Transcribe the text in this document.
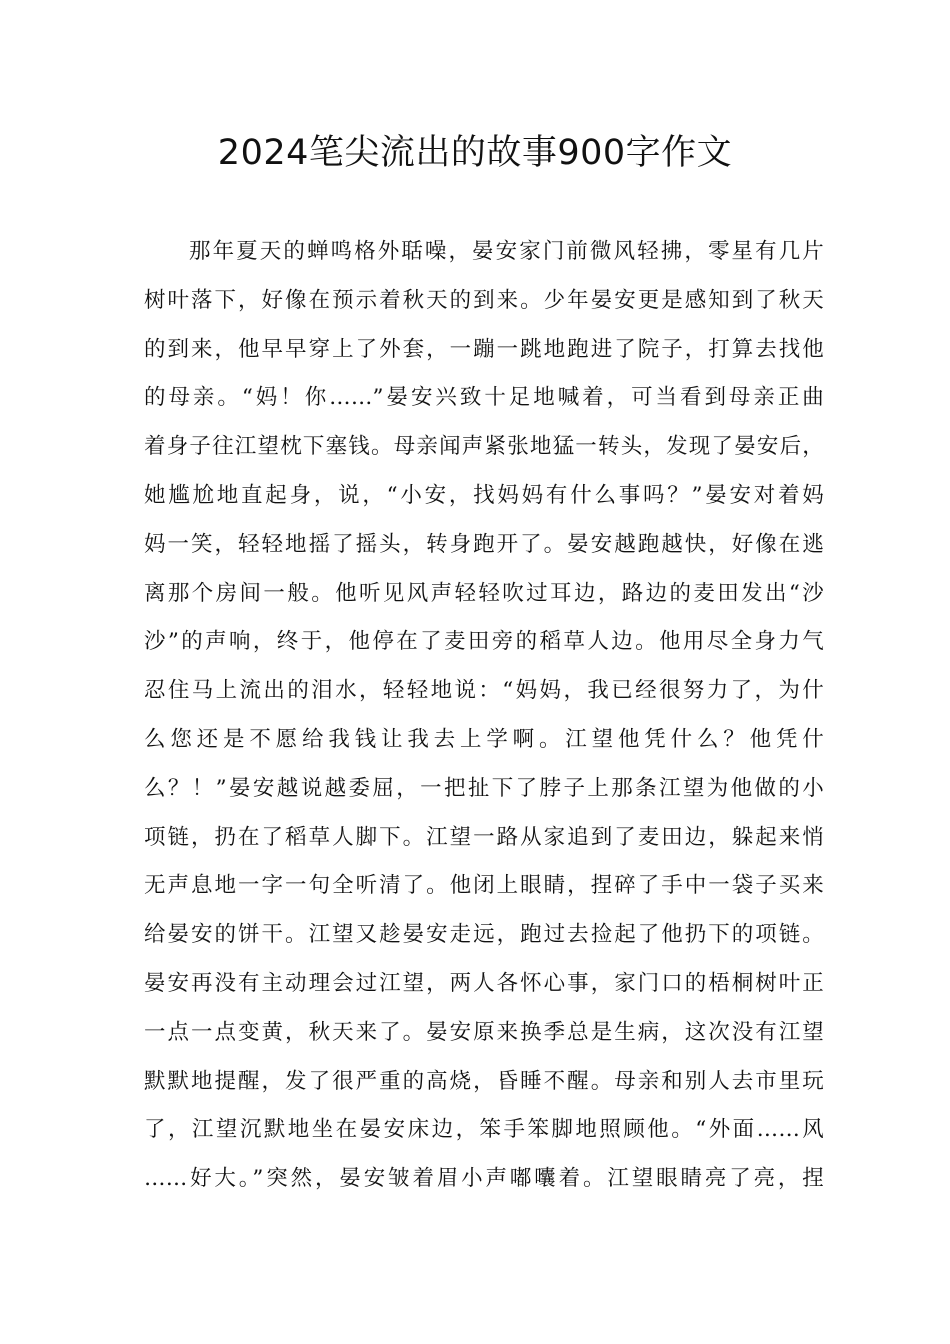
2024笔尖流出的故事900字作文
那年夏天的蝉鸣格外聒噪，晏安家门前微风轻拂，零星有几片
树叶落下，好像在预示着秋天的到来。少年晏安更是感知到了秋天
的到来，他早早穿上了外套，一蹦一跳地跑进了院子，打算去找他
的母亲。“妈！你……”晏安兴致十足地喊着，可当看到母亲正曲
着身子往江望枕下塞钱。母亲闻声紧张地猛一转头，发现了晏安后，
她尴尬地直起身，说，“小安，找妈妈有什么事吗？”晏安对着妈
妈一笑，轻轻地摇了摇头，转身跑开了。晏安越跑越快，好像在逃
离那个房间一般。他听见风声轻轻吹过耳边，路边的麦田发出“沙
沙”的声响，终于，他停在了麦田旁的稻草人边。他用尽全身力气
忍住马上流出的泪水，轻轻地说：“妈妈，我已经很努力了，为什
么您还是不愿给我钱让我去上学啊。江望他凭什么？他凭什
么？！”晏安越说越委屈，一把扯下了脖子上那条江望为他做的小
项链，扔在了稻草人脚下。江望一路从家追到了麦田边，躲起来悄
无声息地一字一句全听清了。他闭上眼睛，捏碎了手中一袋子买来
给晏安的饼干。江望又趁晏安走远，跑过去捡起了他扔下的项链。
晏安再没有主动理会过江望，两人各怀心事，家门口的梧桐树叶正
一点一点变黄，秋天来了。晏安原来换季总是生病，这次没有江望
默默地提醒，发了很严重的高烧，昏睡不醒。母亲和别人去市里玩
了，江望沉默地坐在晏安床边，笨手笨脚地照顾他。“外面……风
……好大。”突然，晏安皱着眉小声嘟囔着。江望眼睛亮了亮，捏
